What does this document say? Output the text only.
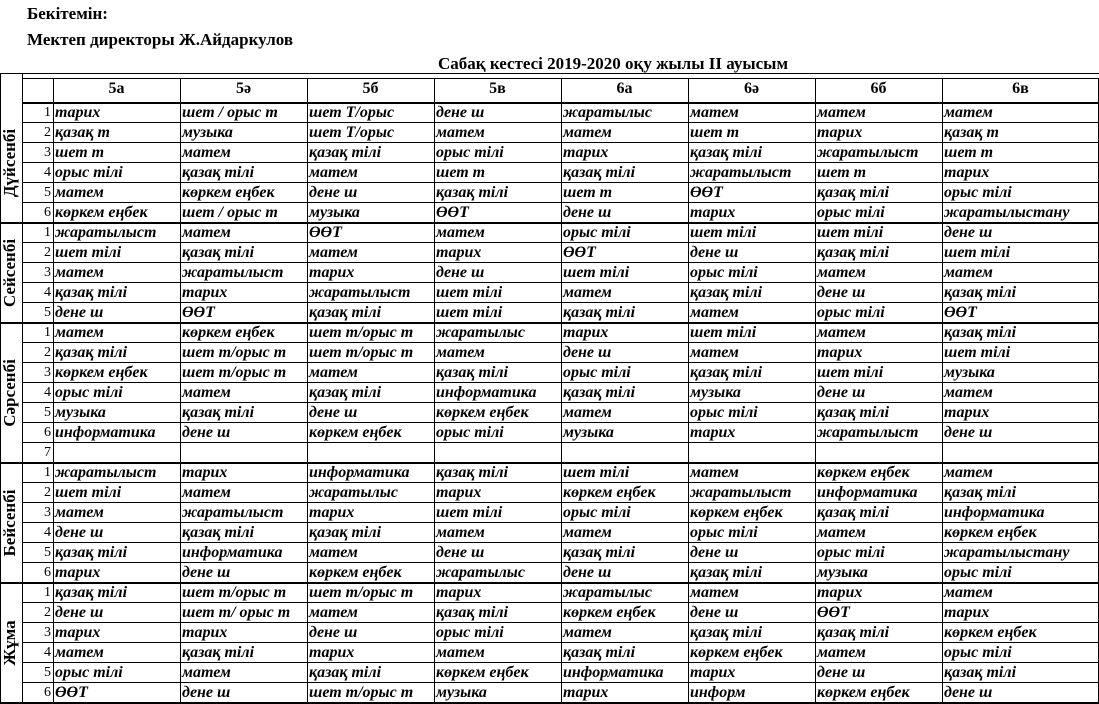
Бекітемін:
Мектеп директоры Ж.Айдаркулов
Сабақ кестесі 2019-2020 оқу жылы ІІ ауысым
5а	5ә	5б	5в	6а	6ә	6б	6в
1 тарих	шет / орыс т	шет Т/орыс	дене ш	жаратылыс	матем	матем	матем
2 қазақ т	музыка	шет Т/орыс	матем	матем	шет т	тарих	қазақ т
3 шет т	матем	қазақ тілі	орыс тілі	тарих	қазақ тілі	жаратылыст	шет т
4 орыс тілі	қазақ тілі	матем	шет т	қазақ тілі	жаратылыст	шет т	тарих
5 матем	көркем еңбек	дене ш	қазақ тілі	шет т	ӨӨТ	қазақ тілі	орыс тілі
6 көркем еңбек	шет / орыс т	музыка	ӨӨТ	дене ш	тарих	орыс тілі	жаратылыстану
1 жаратылыст	матем	ӨӨТ	матем	орыс тілі	шет тілі	шет тілі	дене ш
2 шет тілі	қазақ тілі	матем	тарих	ӨӨТ	дене ш	қазақ тілі	шет тілі
3 матем	жаратылыст	тарих	дене ш	шет тілі	орыс тілі	матем	матем
4 қазақ тілі	тарих	жаратылыст	шет тілі	матем	қазақ тілі	дене ш	қазақ тілі
5 дене ш	ӨӨТ	қазақ тілі	шет тілі	қазақ тілі	матем	орыс тілі	ӨӨТ
1 матем	көркем еңбек	шет т/орыс т	жаратылыс	тарих	шет тілі	матем	қазақ тілі
2 қазақ тілі	шет т/орыс т	шет т/орыс т	матем	дене ш	матем	тарих	шет тілі
3 көркем еңбек	шет т/орыс т	матем	қазақ тілі	орыс тілі	қазақ тілі	шет тілі	музыка
4 орыс тілі	матем	қазақ тілі	информатика	қазақ тілі	музыка	дене ш	матем
5 музыка	қазақ тілі	дене ш	көркем еңбек	матем	орыс тілі	қазақ тілі	тарих
6 информатика	дене ш	көркем еңбек	орыс тілі	музыка	тарих	жаратылыст	дене ш
7
1 жаратылыст	тарих	информатика	қазақ тілі	шет тілі	матем	көркем еңбек	матем
2 шет тілі	матем	жаратылыс	тарих	көркем еңбек	жаратылыст	информатика	қазақ тілі
3 матем	жаратылыст	тарих	шет тілі	орыс тілі	көркем еңбек	қазақ тілі	информатика
4 дене ш	қазақ тілі	қазақ тілі	матем	матем	орыс тілі	матем	көркем еңбек
5 қазақ тілі	информатика	матем	дене ш	қазақ тілі	дене ш	орыс тілі	жаратылыстану
6 тарих	дене ш	көркем еңбек	жаратылыс	дене ш	қазақ тілі	музыка	орыс тілі
1 қазақ тілі	шет т/орыс т	шет т/орыс т	тарих	жаратылыс	матем	тарих	матем
2 дене ш	шет т/ орыс т	матем	қазақ тілі	көркем еңбек	дене ш	ӨӨТ	тарих
3 тарих	тарих	дене ш	орыс тілі	матем	қазақ тілі	қазақ тілі	көркем еңбек
4 матем	қазақ тілі	тарих	матем	қазақ тілі	көркем еңбек	матем	орыс тілі
5 орыс тілі	матем	қазақ тілі	көркем еңбек	информатика	тарих	дене ш	қазақ тілі
6 ӨӨТ	дене ш	шет т/орыс т	музыка	тарих	информ	көркем еңбек	дене ш
Дүйсенбі
Сейсенбі
Сәрсенбі
Бейсенбі
Жұма
